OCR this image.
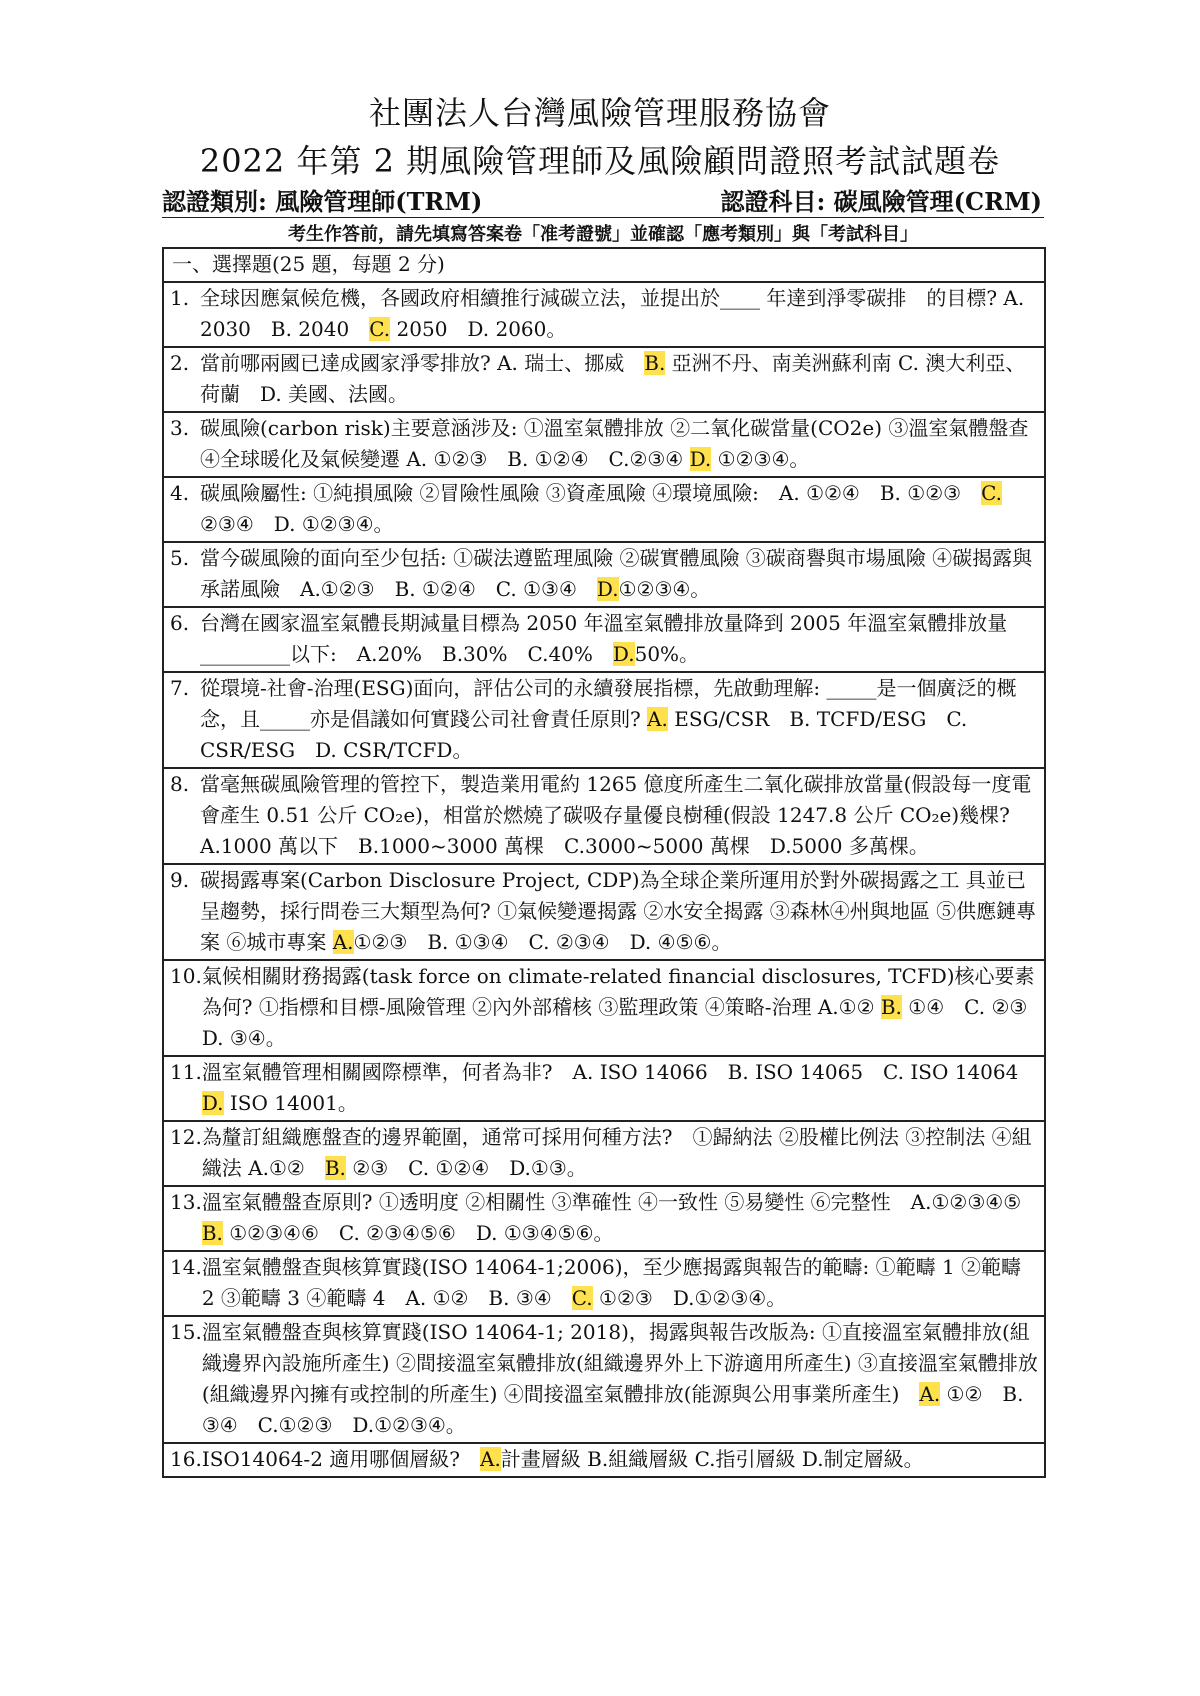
社團法人台灣風險管理服務協會
2022 年第 2 期風險管理師及風險顧問證照考試試題卷
認證類別: 風險管理師(TRM)	認證科目: 碳風險管理(CRM)
考生作答前，請先填寫答案卷「准考證號」並確認「應考類別」與「考試科目」
一、選擇題(25 題，每題 2 分)
1. 全球因應氣候危機，各國政府相續推行減碳立法，並提出於____ 年達到淨零碳排　的目標? A. 2030　B. 2040　C. 2050　D. 2060。
2. 當前哪兩國已達成國家淨零排放? A. 瑞士、挪威　B. 亞洲不丹、南美洲蘇利南 C. 澳大利亞、荷蘭　D. 美國、法國。
3. 碳風險(carbon risk)主要意涵涉及: ①溫室氣體排放 ②二氧化碳當量(CO2e) ③溫室氣體盤查 ④全球暖化及氣候變遷 A. ①②③　B. ①②④　C.②③④ D. ①②③④。
4. 碳風險屬性: ①純損風險 ②冒險性風險 ③資產風險 ④環境風險:　A. ①②④　B. ①②③　C. ②③④　D. ①②③④。
5. 當今碳風險的面向至少包括: ①碳法遵監理風險 ②碳實體風險 ③碳商譽與市場風險 ④碳揭露與承諾風險　A.①②③　B. ①②④　C. ①③④　D.①②③④。
6. 台灣在國家溫室氣體長期減量目標為 2050 年溫室氣體排放量降到 2005 年溫室氣體排放量_________以下:　A.20%　B.30%　C.40%　D.50%。
7. 從環境-社會-治理(ESG)面向，評估公司的永續發展指標，先啟動理解: _____是一個廣泛的概念，且_____亦是倡議如何實踐公司社會責任原則? A. ESG/CSR　B. TCFD/ESG　C. CSR/ESG　D. CSR/TCFD。
8. 當毫無碳風險管理的管控下，製造業用電約 1265 億度所產生二氧化碳排放當量(假設每一度電會產生 0.51 公斤 CO₂e)，相當於燃燒了碳吸存量優良樹種(假設 1247.8 公斤 CO₂e)幾棵?　A.1000 萬以下　B.1000~3000 萬棵　C.3000~5000 萬棵　D.5000 多萬棵。
9. 碳揭露專案(Carbon Disclosure Project, CDP)為全球企業所運用於對外碳揭露之工 具並已呈趨勢，採行問卷三大類型為何? ①氣候變遷揭露 ②水安全揭露 ③森林④州與地區 ⑤供應鏈專案 ⑥城市專案 A.①②③　B. ①③④　C. ②③④　D. ④⑤⑥。
10. 氣候相關財務揭露(task force on climate-related financial disclosures, TCFD)核心要素為何? ①指標和目標-風險管理 ②內外部稽核 ③監理政策 ④策略-治理 A.①② B. ①④　C. ②③　D. ③④。
11. 溫室氣體管理相關國際標準，何者為非?　A. ISO 14066　B. ISO 14065　C. ISO 14064　D. ISO 14001。
12. 為釐訂組織應盤查的邊界範圍，通常可採用何種方法?　①歸納法 ②股權比例法 ③控制法 ④組織法 A.①②　B. ②③　C. ①②④　D.①③。
13. 溫室氣體盤查原則? ①透明度 ②相關性 ③準確性 ④一致性 ⑤易變性 ⑥完整性　A.①②③④⑤　B. ①②③④⑥　C. ②③④⑤⑥　D. ①③④⑤⑥。
14. 溫室氣體盤查與核算實踐(ISO 14064-1;2006)，至少應揭露與報告的範疇: ①範疇 1 ②範疇 2 ③範疇 3 ④範疇 4　A. ①②　B. ③④　C. ①②③　D.①②③④。
15. 溫室氣體盤查與核算實踐(ISO 14064-1; 2018)，揭露與報告改版為: ①直接溫室氣體排放(組織邊界內設施所產生) ②間接溫室氣體排放(組織邊界外上下游適用所產生) ③直接溫室氣體排放(組織邊界內擁有或控制的所產生) ④間接溫室氣體排放(能源與公用事業所產生)　A. ①②　B. ③④　C.①②③　D.①②③④。
16. ISO14064-2 適用哪個層級?　A.計畫層級 B.組織層級 C.指引層級 D.制定層級。
